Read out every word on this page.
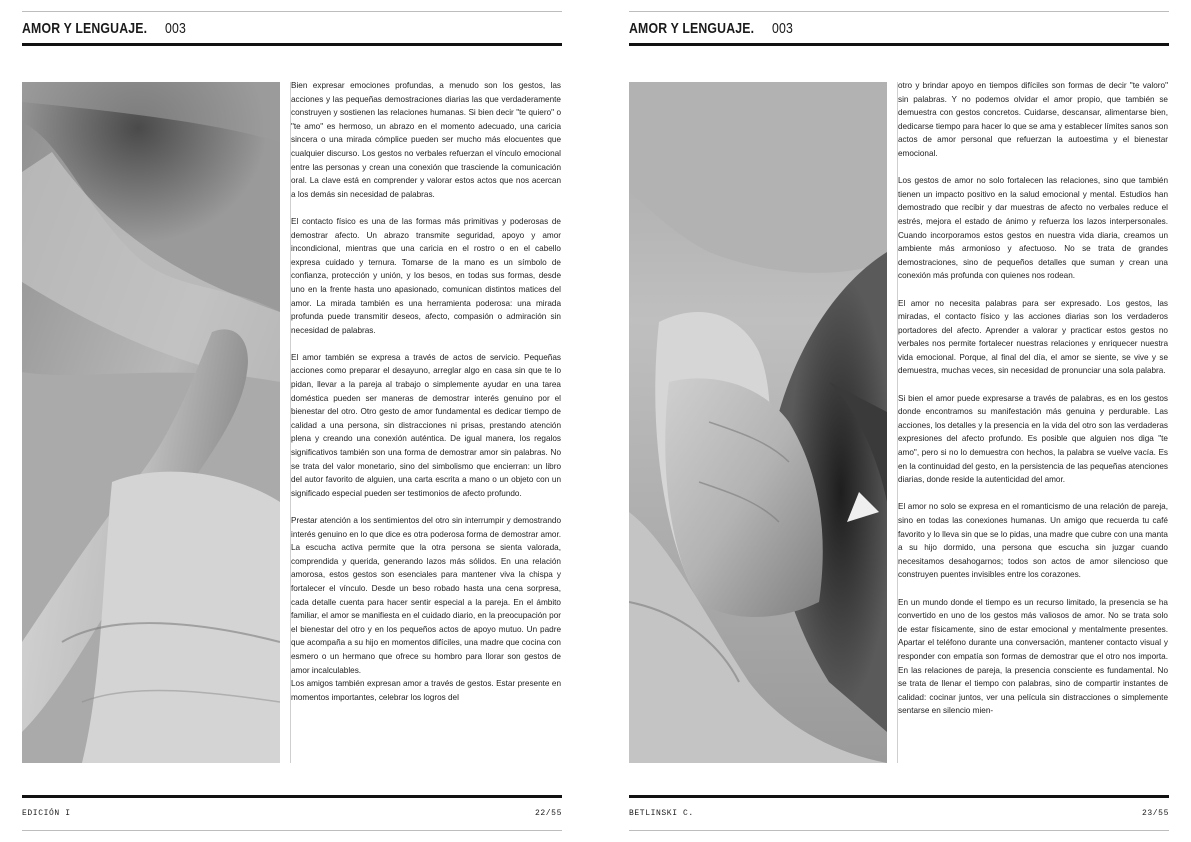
AMOR Y LENGUAJE. 003

Bien expresar emociones profundas, a menudo son los gestos, las acciones y las pequeñas demostraciones diarias las que verdaderamente construyen y sostienen las relaciones humanas. Si bien decir "te quiero" o "te amo" es hermoso, un abrazo en el momento adecuado, una caricia sincera o una mirada cómplice pueden ser mucho más elocuentes que cualquier discurso. Los gestos no verbales refuerzan el vínculo emocional entre las personas y crean una conexión que trasciende la comunicación oral. La clave está en comprender y valorar estos actos que nos acercan a los demás sin necesidad de palabras.

El contacto físico es una de las formas más primitivas y poderosas de demostrar afecto. Un abrazo transmite seguridad, apoyo y amor incondicional, mientras que una caricia en el rostro o en el cabello expresa cuidado y ternura. Tomarse de la mano es un símbolo de confianza, protección y unión, y los besos, en todas sus formas, desde uno en la frente hasta uno apasionado, comunican distintos matices del amor. La mirada también es una herramienta poderosa: una mirada profunda puede transmitir deseos, afecto, compasión o admiración sin necesidad de palabras.

El amor también se expresa a través de actos de servicio. Pequeñas acciones como preparar el desayuno, arreglar algo en casa sin que te lo pidan, llevar a la pareja al trabajo o simplemente ayudar en una tarea doméstica pueden ser maneras de demostrar interés genuino por el bienestar del otro. Otro gesto de amor fundamental es dedicar tiempo de calidad a una persona, sin distracciones ni prisas, prestando atención plena y creando una conexión auténtica. De igual manera, los regalos significativos también son una forma de demostrar amor sin palabras. No se trata del valor monetario, sino del simbolismo que encierran: un libro del autor favorito de alguien, una carta escrita a mano o un objeto con un significado especial pueden ser testimonios de afecto profundo.

Prestar atención a los sentimientos del otro sin interrumpir y demostrando interés genuino en lo que dice es otra poderosa forma de demostrar amor. La escucha activa permite que la otra persona se sienta valorada, comprendida y querida, generando lazos más sólidos. En una relación amorosa, estos gestos son esenciales para mantener viva la chispa y fortalecer el vínculo. Desde un beso robado hasta una cena sorpresa, cada detalle cuenta para hacer sentir especial a la pareja. En el ámbito familiar, el amor se manifiesta en el cuidado diario, en la preocupación por el bienestar del otro y en los pequeños actos de apoyo mutuo. Un padre que acompaña a su hijo en momentos difíciles, una madre que cocina con esmero o un hermano que ofrece su hombro para llorar son gestos de amor incalculables.

Los amigos también expresan amor a través de gestos. Estar presente en momentos importantes, celebrar los logros del

EDICIÓN I	22/55
AMOR Y LENGUAJE. 003

otro y brindar apoyo en tiempos difíciles son formas de decir "te valoro" sin palabras. Y no podemos olvidar el amor propio, que también se demuestra con gestos concretos. Cuidarse, descansar, alimentarse bien, dedicarse tiempo para hacer lo que se ama y establecer límites sanos son actos de amor personal que refuerzan la autoestima y el bienestar emocional.

Los gestos de amor no solo fortalecen las relaciones, sino que también tienen un impacto positivo en la salud emocional y mental. Estudios han demostrado que recibir y dar muestras de afecto no verbales reduce el estrés, mejora el estado de ánimo y refuerza los lazos interpersonales. Cuando incorporamos estos gestos en nuestra vida diaria, creamos un ambiente más armonioso y afectuoso. No se trata de grandes demostraciones, sino de pequeños detalles que suman y crean una conexión más profunda con quienes nos rodean.

El amor no necesita palabras para ser expresado. Los gestos, las miradas, el contacto físico y las acciones diarias son los verdaderos portadores del afecto. Aprender a valorar y practicar estos gestos no verbales nos permite fortalecer nuestras relaciones y enriquecer nuestra vida emocional. Porque, al final del día, el amor se siente, se vive y se demuestra, muchas veces, sin necesidad de pronunciar una sola palabra.

Si bien el amor puede expresarse a través de palabras, es en los gestos donde encontramos su manifestación más genuina y perdurable. Las acciones, los detalles y la presencia en la vida del otro son las verdaderas expresiones del afecto profundo. Es posible que alguien nos diga "te amo", pero si no lo demuestra con hechos, la palabra se vuelve vacía. Es en la continuidad del gesto, en la persistencia de las pequeñas atenciones diarias, donde reside la autenticidad del amor.

El amor no solo se expresa en el romanticismo de una relación de pareja, sino en todas las conexiones humanas. Un amigo que recuerda tu café favorito y lo lleva sin que se lo pidas, una madre que cubre con una manta a su hijo dormido, una persona que escucha sin juzgar cuando necesitamos desahogarnos; todos son actos de amor silencioso que construyen puentes invisibles entre los corazones.

En un mundo donde el tiempo es un recurso limitado, la presencia se ha convertido en uno de los gestos más valiosos de amor. No se trata solo de estar físicamente, sino de estar emocional y mentalmente presentes. Apartar el teléfono durante una conversación, mantener contacto visual y responder con empatía son formas de demostrar que el otro nos importa. En las relaciones de pareja, la presencia consciente es fundamental. No se trata de llenar el tiempo con palabras, sino de compartir instantes de calidad: cocinar juntos, ver una película sin distracciones o simplemente sentarse en silencio mien-

BETLINSKI C.	23/55
